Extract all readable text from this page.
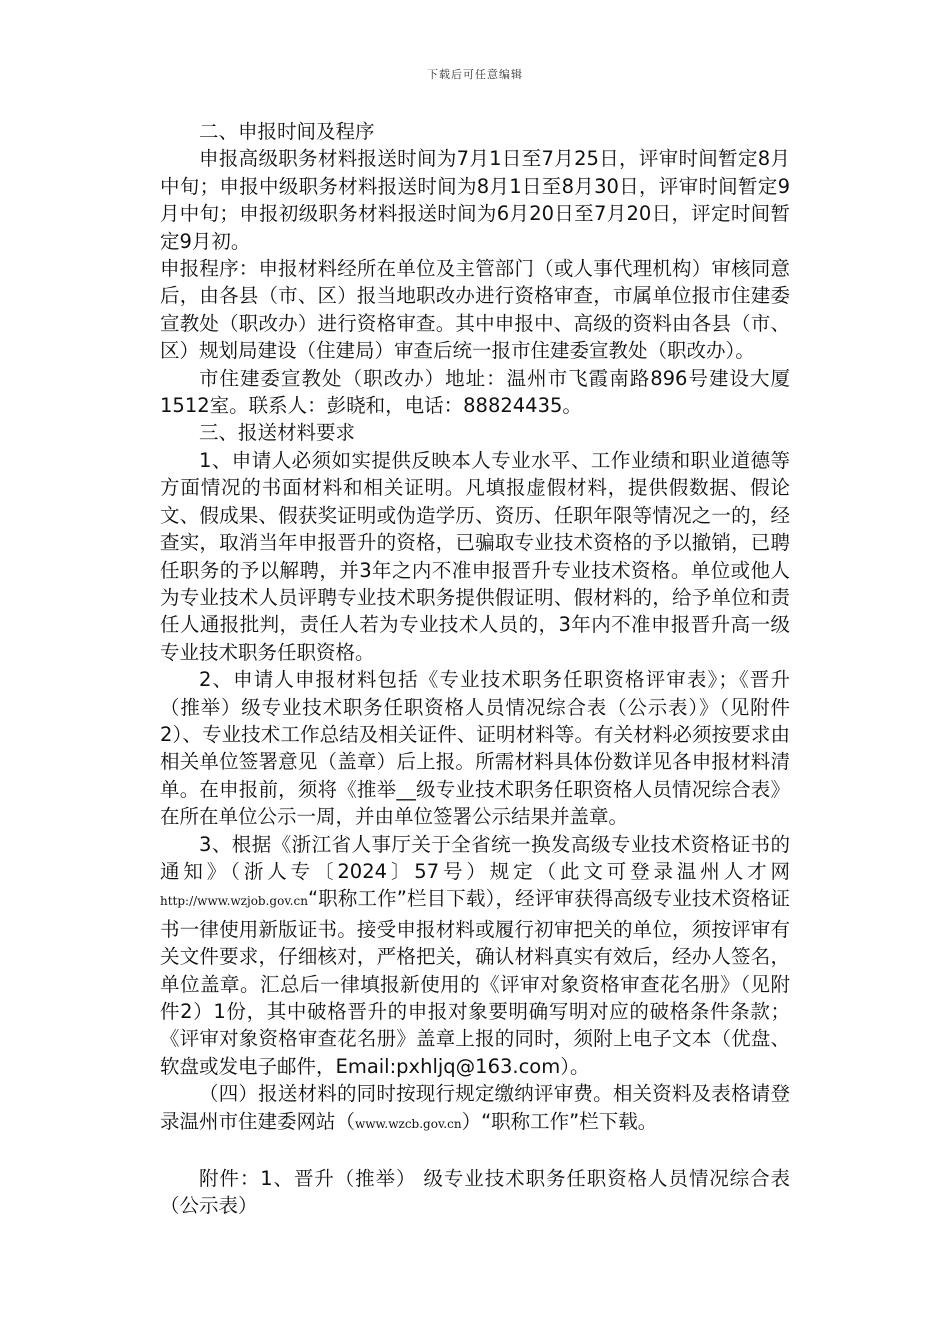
下载后可任意编辑

二、申报时间及程序

申报高级职务材料报送时间为7月1日至7月25日，评审时间暂定8月中旬；申报中级职务材料报送时间为8月1日至8月30日，评审时间暂定9月中旬；申报初级职务材料报送时间为6月20日至7月20日，评定时间暂定9月初。

申报程序：申报材料经所在单位及主管部门（或人事代理机构）审核同意后，由各县（市、区）报当地职改办进行资格审查，市属单位报市住建委宣教处（职改办）进行资格审查。其中申报中、高级的资料由各县（市、区）规划局建设（住建局）审查后统一报市住建委宣教处（职改办）。

市住建委宣教处（职改办）地址：温州市飞霞南路896号建设大厦1512室。联系人：彭晓和，电话：88824435。

三、报送材料要求

1、申请人必须如实提供反映本人专业水平、工作业绩和职业道德等方面情况的书面材料和相关证明。凡填报虚假材料，提供假数据、假论文、假成果、假获奖证明或伪造学历、资历、任职年限等情况之一的，经查实，取消当年申报晋升的资格，已骗取专业技术资格的予以撤销，已聘任职务的予以解聘，并3年之内不准申报晋升专业技术资格。单位或他人为专业技术人员评聘专业技术职务提供假证明、假材料的，给予单位和责任人通报批判，责任人若为专业技术人员的，3年内不准申报晋升高一级专业技术职务任职资格。

2、申请人申报材料包括《专业技术职务任职资格评审表》；《晋升（推举）级专业技术职务任职资格人员情况综合表（公示表）》（见附件2）、专业技术工作总结及相关证件、证明材料等。有关材料必须按要求由相关单位签署意见（盖章）后上报。所需材料具体份数详见各申报材料清单。在申报前，须将《推举__级专业技术职务任职资格人员情况综合表》在所在单位公示一周，并由单位签署公示结果并盖章。

3、根据《浙江省人事厅关于全省统一换发高级专业技术资格证书的通知》（浙人专〔2024〕57号）规定（此文可登录温州人才网http://www.wzjob.gov.cn“职称工作”栏目下载），经评审获得高级专业技术资格证书一律使用新版证书。接受申报材料或履行初审把关的单位，须按评审有关文件要求，仔细核对，严格把关，确认材料真实有效后，经办人签名，单位盖章。汇总后一律填报新使用的《评审对象资格审查花名册》（见附件2）1份，其中破格晋升的申报对象要明确写明对应的破格条件条款；《评审对象资格审查花名册》盖章上报的同时，须附上电子文本（优盘、软盘或发电子邮件，Email:pxhljq@163.com）。

（四）报送材料的同时按现行规定缴纳评审费。相关资料及表格请登录温州市住建委网站（www.wzcb.gov.cn）“职称工作”栏下载。

附件：1、晋升（推举） 级专业技术职务任职资格人员情况综合表（公示表）
